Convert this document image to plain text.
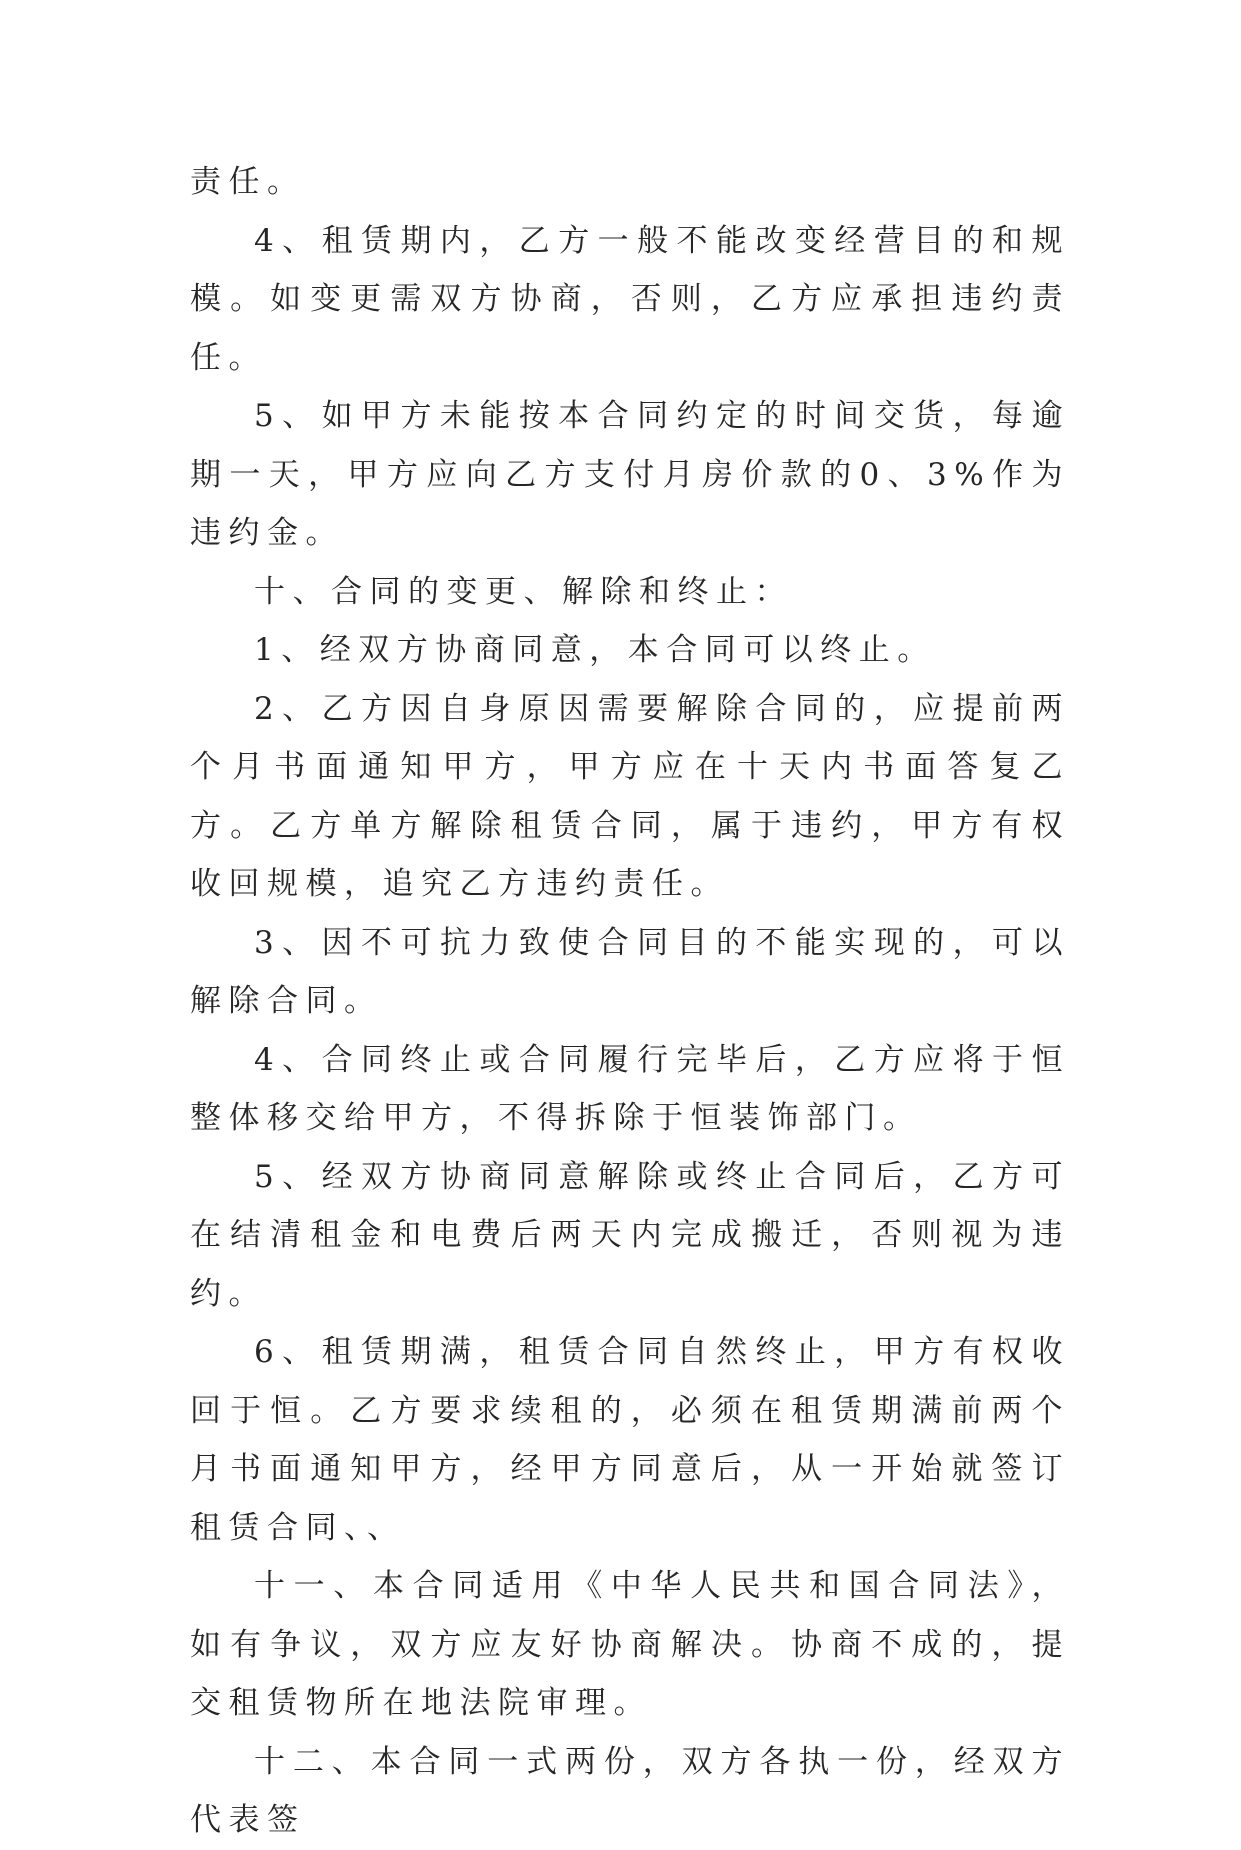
责任。

4、租赁期内，乙方一般不能改变经营目的和规模。如变更需双方协商，否则，乙方应承担违约责任。

5、如甲方未能按本合同约定的时间交货，每逾期一天，甲方应向乙方支付月房价款的0、3%作为违约金。

十、合同的变更、解除和终止：

1、经双方协商同意，本合同可以终止。

2、乙方因自身原因需要解除合同的，应提前两个月书面通知甲方，甲方应在十天内书面答复乙方。乙方单方解除租赁合同，属于违约，甲方有权收回规模，追究乙方违约责任。

3、因不可抗力致使合同目的不能实现的，可以解除合同。

4、合同终止或合同履行完毕后，乙方应将于恒整体移交给甲方，不得拆除于恒装饰部门。

5、经双方协商同意解除或终止合同后，乙方可在结清租金和电费后两天内完成搬迁，否则视为违约。

6、租赁期满，租赁合同自然终止，甲方有权收回于恒。乙方要求续租的，必须在租赁期满前两个月书面通知甲方，经甲方同意后，从一开始就签订租赁合同、、

十一、本合同适用《中华人民共和国合同法》，如有争议，双方应友好协商解决。协商不成的，提交租赁物所在地法院审理。

十二、本合同一式两份，双方各执一份，经双方代表签
